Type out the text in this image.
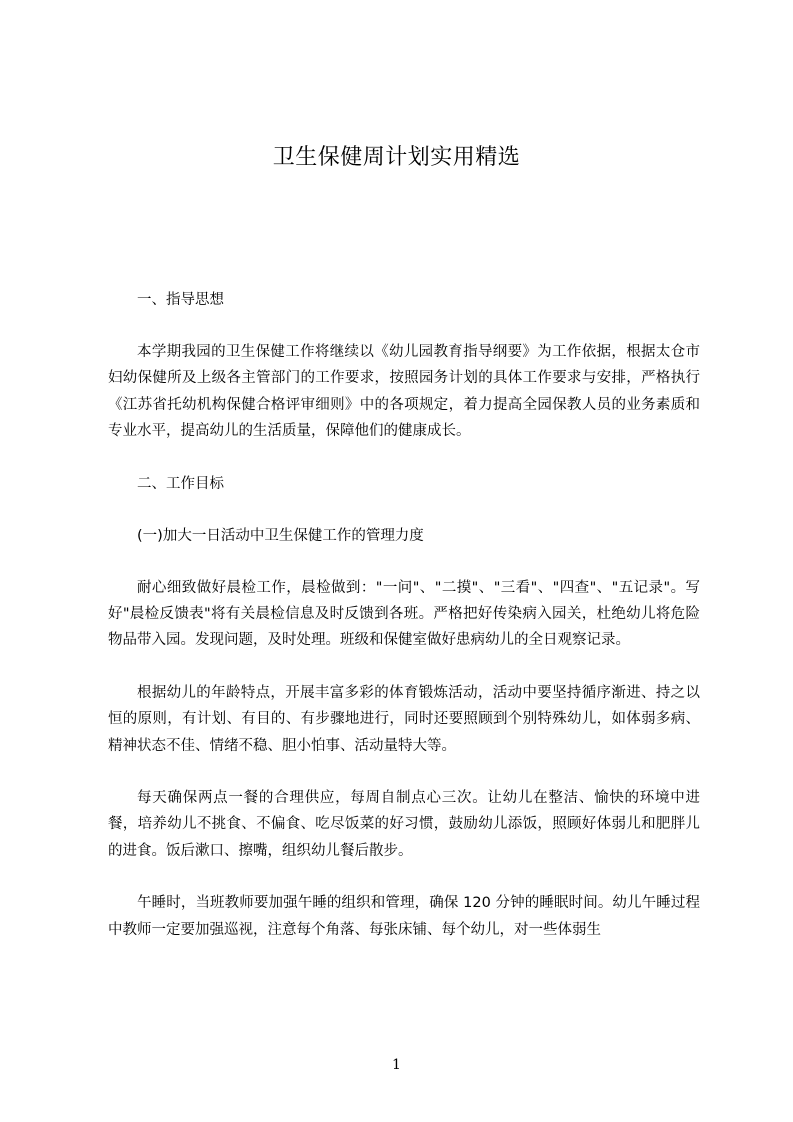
卫生保健周计划实用精选
一、指导思想
本学期我园的卫生保健工作将继续以《幼儿园教育指导纲要》为工作依据，根据太仓市妇幼保健所及上级各主管部门的工作要求，按照园务计划的具体工作要求与安排，严格执行《江苏省托幼机构保健合格评审细则》中的各项规定，着力提高全园保教人员的业务素质和专业水平，提高幼儿的生活质量，保障他们的健康成长。
二、工作目标
(一)加大一日活动中卫生保健工作的管理力度
耐心细致做好晨检工作，晨检做到："一问"、"二摸"、"三看"、"四查"、"五记录"。写好"晨检反馈表"将有关晨检信息及时反馈到各班。严格把好传染病入园关，杜绝幼儿将危险物品带入园。发现问题，及时处理。班级和保健室做好患病幼儿的全日观察记录。
根据幼儿的年龄特点，开展丰富多彩的体育锻炼活动，活动中要坚持循序渐进、持之以恒的原则，有计划、有目的、有步骤地进行，同时还要照顾到个别特殊幼儿，如体弱多病、精神状态不佳、情绪不稳、胆小怕事、活动量特大等。
每天确保两点一餐的合理供应，每周自制点心三次。让幼儿在整洁、愉快的环境中进餐，培养幼儿不挑食、不偏食、吃尽饭菜的好习惯，鼓励幼儿添饭，照顾好体弱儿和肥胖儿的进食。饭后漱口、擦嘴，组织幼儿餐后散步。
午睡时，当班教师要加强午睡的组织和管理，确保 120 分钟的睡眠时间。幼儿午睡过程中教师一定要加强巡视，注意每个角落、每张床铺、每个幼儿，对一些体弱生
1
